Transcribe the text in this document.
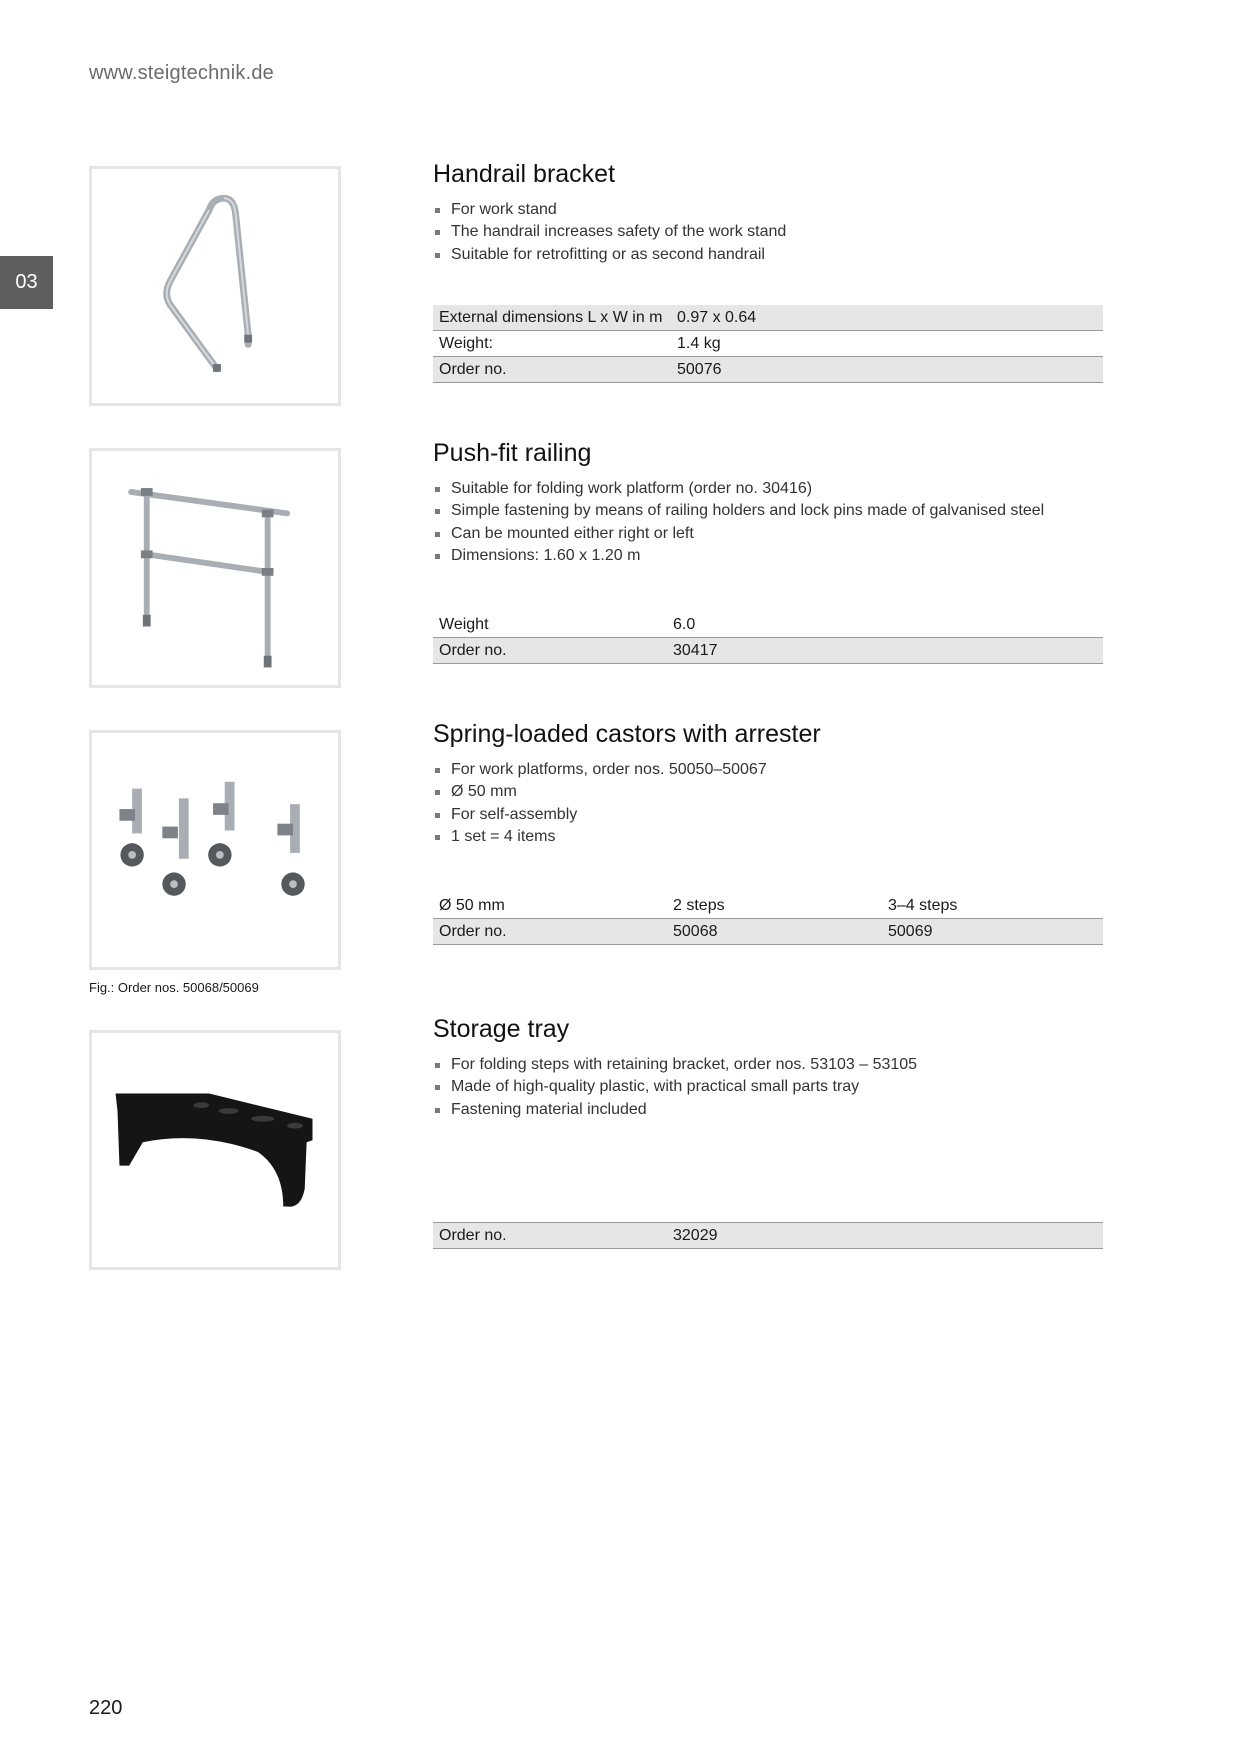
www.steigtechnik.de
03
220
Handrail bracket
For work stand
The handrail increases safety of the work stand
Suitable for retrofitting or as second handrail
External dimensions L x W in m	0.97 x 0.64
Weight:	1.4 kg
Order no.	50076
Push-fit railing
Suitable for folding work platform (order no. 30416)
Simple fastening by means of railing holders and lock pins made of galvanised steel
Can be mounted either right or left
Dimensions: 1.60 x 1.20 m
Weight	6.0
Order no.	30417
Fig.: Order nos. 50068/50069
Spring-loaded castors with arrester
For work platforms, order nos. 50050–50067
Ø 50 mm
For self-assembly
1 set = 4 items
Ø 50 mm	2 steps	3–4 steps
Order no.	50068	50069
Storage tray
For folding steps with retaining bracket, order nos. 53103 – 53105
Made of high-quality plastic, with practical small parts tray
Fastening material included
Order no.	32029
